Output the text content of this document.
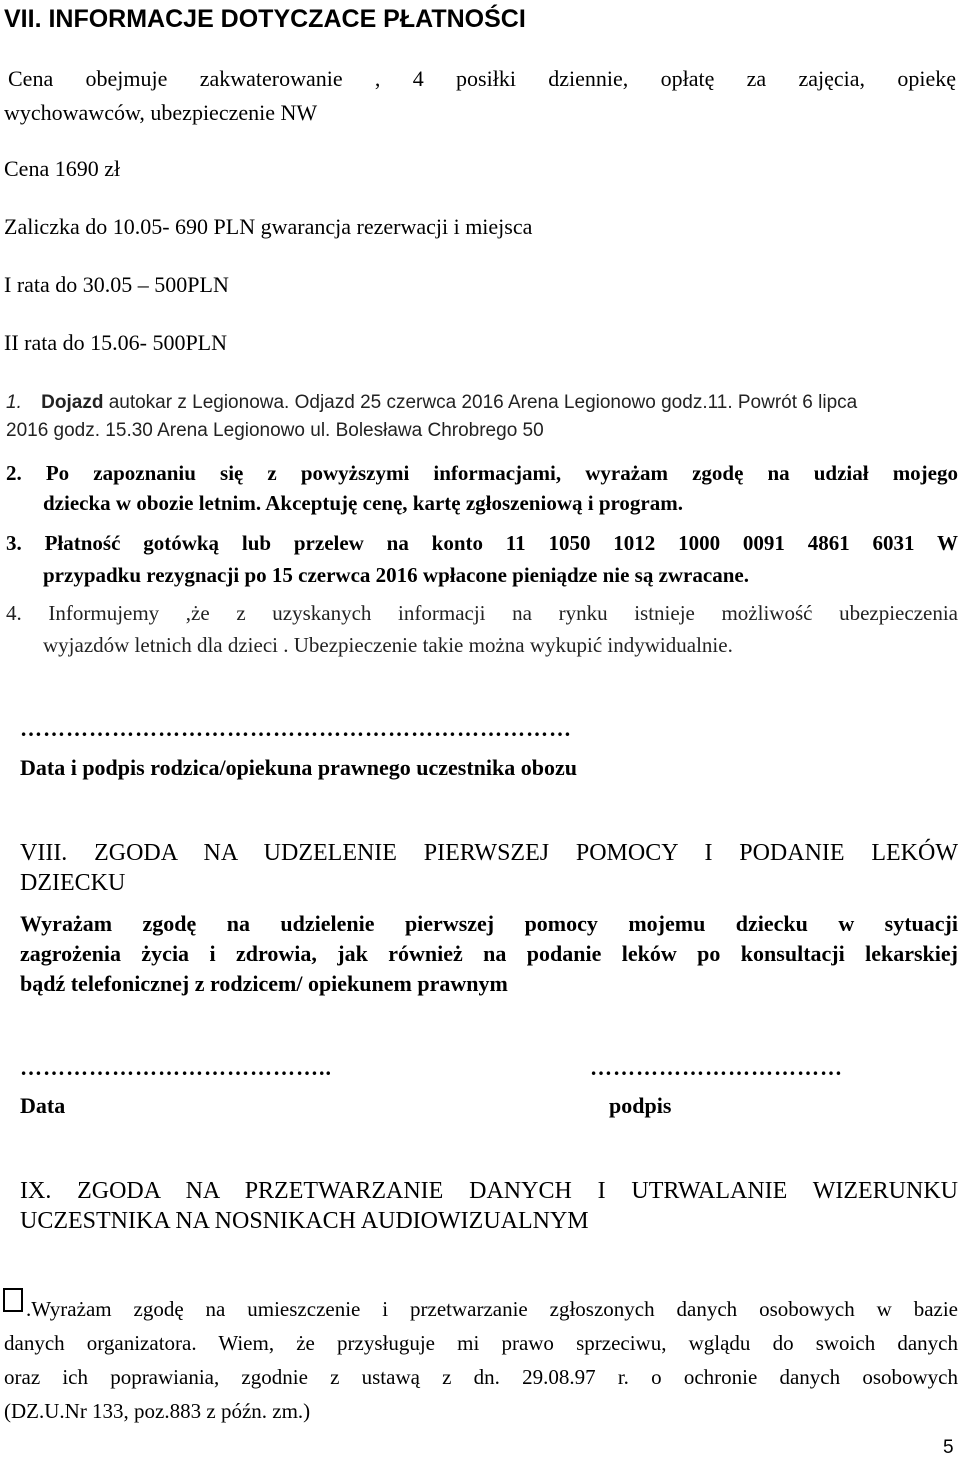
VII. INFORMACJE DOTYCZACE PŁATNOŚCI
Cena obejmuje zakwaterowanie , 4 posiłki dziennie, opłatę za zajęcia, opiekę
wychowawców, ubezpieczenie NW
Cena 1690 zł
Zaliczka do 10.05- 690 PLN gwarancja rezerwacji i miejsca
I rata do 30.05 – 500PLN
II rata do 15.06- 500PLN
1. Dojazd autokar z Legionowa. Odjazd 25 czerwca 2016 Arena Legionowo godz.11. Powrót 6 lipca
2016 godz. 15.30 Arena Legionowo ul. Bolesława Chrobrego 50
2. Po zapoznaniu się z powyższymi informacjami, wyrażam zgodę na udział mojego
dziecka w obozie letnim. Akceptuję cenę, kartę zgłoszeniową i program.
3. Płatność gotówką lub przelew na konto 11 1050 1012 1000 0091 4861 6031 W
przypadku rezygnacji po 15 czerwca 2016 wpłacone pieniądze nie są zwracane.
4. Informujemy ,że z uzyskanych informacji na rynku istnieje możliwość ubezpieczenia
wyjazdów letnich dla dzieci . Ubezpieczenie takie można wykupić indywidualnie.
………………………………………………………………
Data i podpis rodzica/opiekuna prawnego uczestnika obozu
VIII. ZGODA NA UDZELENIE PIERWSZEJ POMOCY I PODANIE LEKÓW
DZIECKU
Wyrażam zgodę na udzielenie pierwszej pomocy mojemu dziecku w sytuacji
zagrożenia życia i zdrowia, jak również na podanie leków po konsultacji lekarskiej
bądź telefonicznej z rodzicem/ opiekunem prawnym
…………………………………..	……………………………
Data	podpis
IX. ZGODA NA PRZETWARZANIE DANYCH I UTRWALANIE WIZERUNKU
UCZESTNIKA NA NOSNIKACH AUDIOWIZUALNYM
.Wyrażam zgodę na umieszczenie i przetwarzanie zgłoszonych danych osobowych w bazie
danych organizatora. Wiem, że przysługuje mi prawo sprzeciwu, wglądu do swoich danych
oraz ich poprawiania, zgodnie z ustawą z dn. 29.08.97 r. o ochronie danych osobowych
(DZ.U.Nr 133, poz.883 z późn. zm.)
5
